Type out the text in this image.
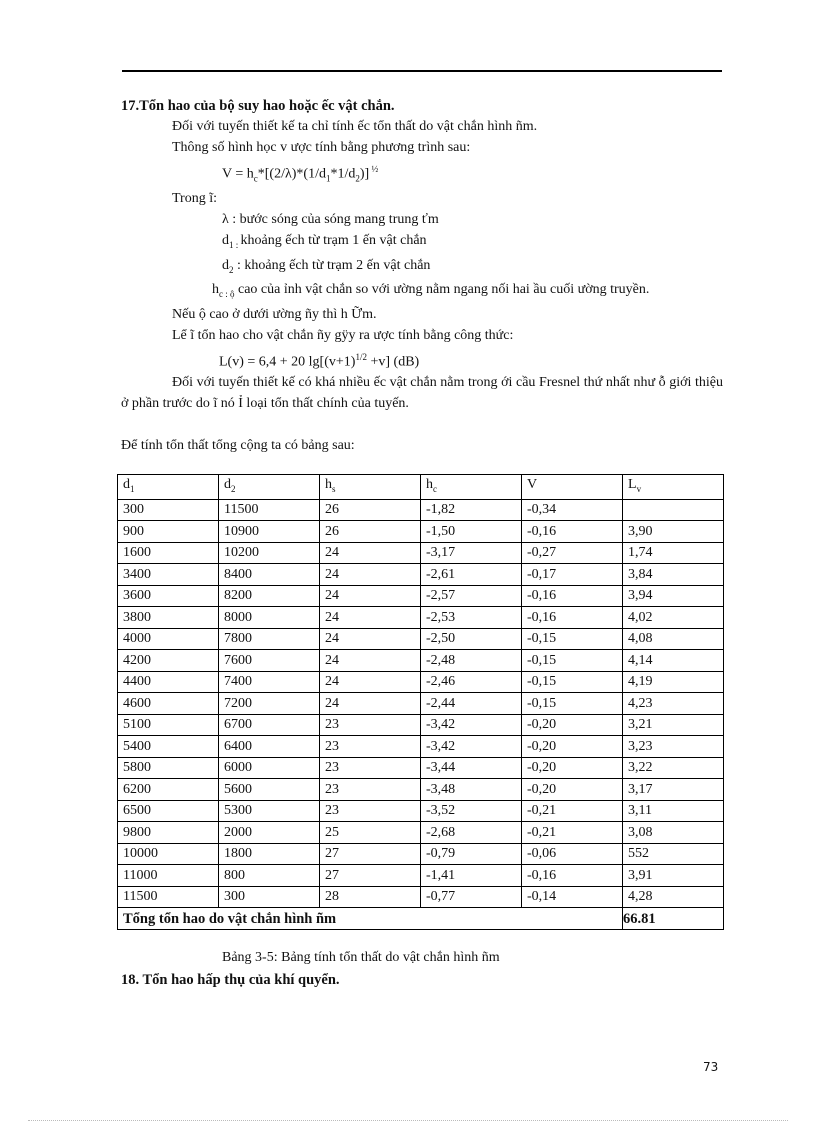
17.Tổn hao của bộ suy hao hoặc ếc vật chắn.

Đối với tuyến thiết kế ta chỉ tính ếc tổn thất do vật chắn hình ñm.

Thông số hình học v ược tính bằng phương trình sau:

$V = h_c*[(2/\lambda)*(1/d_1*1/d_2)]$ $^{\frac{1}{2}}$

Trong ĩ:

λ : bước sóng của sóng mang trung ťm

$d_{1 :}$ khoảng ếch từ trạm 1 ến vật chắn

$d_2$ : khoảng ếch từ trạm 2 ến vật chắn

$h_{c : ộ}$ cao của ỉnh vật chắn so với ường nằm ngang nối hai ầu cuối ường truyền.

Nếu ộ cao ở dưới ường ñy thì h Ữm.

Lể ĩ tổn hao cho vật chắn ñy gÿy ra ược tính bằng công thức:

L(v) = 6,4 + 20 $\lg[(v+1)^{1/2} +v]$ (dB)

Đối với tuyến thiết kế có khá nhiều ếc vật chắn nằm trong ới cầu Fresnel thứ nhất như ỗ giới thiệu ở phần trước do ĩ nó Ỉ loại tổn thất chính của tuyến.

Để tính tổn thất tổng cộng ta có bảng sau:

$d_1$	$d_2$	$h_s$	$h_c$	V	$L_v$
300	11500	26	-1,82	-0,34	
900	10900	26	-1,50	-0,16	3,90
1600	10200	24	-3,17	-0,27	1,74
3400	8400	24	-2,61	-0,17	3,84
3600	8200	24	-2,57	-0,16	3,94
3800	8000	24	-2,53	-0,16	4,02
4000	7800	24	-2,50	-0,15	4,08
4200	7600	24	-2,48	-0,15	4,14
4400	7400	24	-2,46	-0,15	4,19
4600	7200	24	-2,44	-0,15	4,23
5100	6700	23	-3,42	-0,20	3,21
5400	6400	23	-3,42	-0,20	3,23
5800	6000	23	-3,44	-0,20	3,22
6200	5600	23	-3,48	-0,20	3,17
6500	5300	23	-3,52	-0,21	3,11
9800	2000	25	-2,68	-0,21	3,08
10000	1800	27	-0,79	-0,06	552
11000	800	27	-1,41	-0,16	3,91
11500	300	28	-0,77	-0,14	4,28
Tổng tổn hao do vật chắn hình ñm					66.81
Bảng 3-5: Bảng tính tổn thất do vật chắn hình ñm
18. Tổn hao hấp thụ của khí quyển.
73
